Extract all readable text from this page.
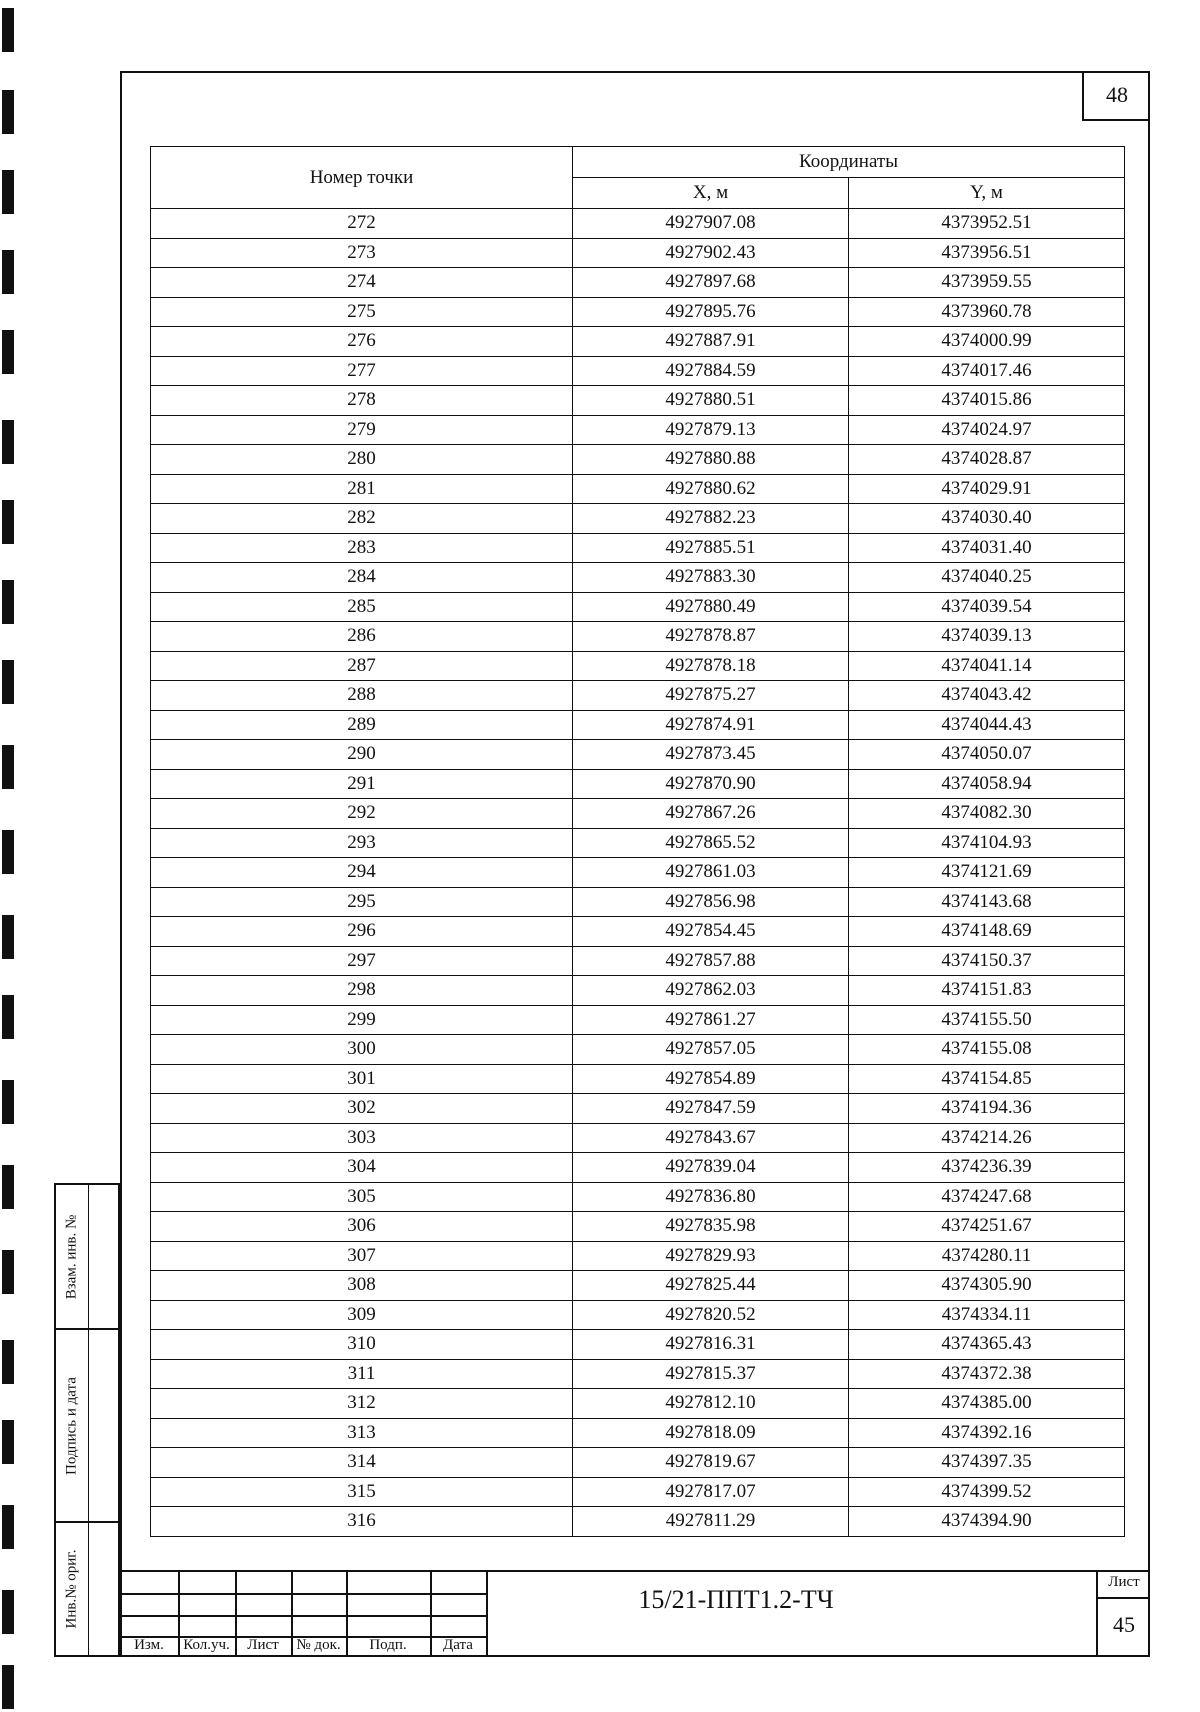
48
Номер точки	Координаты	
	X, м	Y, м
272	4927907.08	4373952.51
273	4927902.43	4373956.51
274	4927897.68	4373959.55
275	4927895.76	4373960.78
276	4927887.91	4374000.99
277	4927884.59	4374017.46
278	4927880.51	4374015.86
279	4927879.13	4374024.97
280	4927880.88	4374028.87
281	4927880.62	4374029.91
282	4927882.23	4374030.40
283	4927885.51	4374031.40
284	4927883.30	4374040.25
285	4927880.49	4374039.54
286	4927878.87	4374039.13
287	4927878.18	4374041.14
288	4927875.27	4374043.42
289	4927874.91	4374044.43
290	4927873.45	4374050.07
291	4927870.90	4374058.94
292	4927867.26	4374082.30
293	4927865.52	4374104.93
294	4927861.03	4374121.69
295	4927856.98	4374143.68
296	4927854.45	4374148.69
297	4927857.88	4374150.37
298	4927862.03	4374151.83
299	4927861.27	4374155.50
300	4927857.05	4374155.08
301	4927854.89	4374154.85
302	4927847.59	4374194.36
303	4927843.67	4374214.26
304	4927839.04	4374236.39
305	4927836.80	4374247.68
306	4927835.98	4374251.67
307	4927829.93	4374280.11
308	4927825.44	4374305.90
309	4927820.52	4374334.11
310	4927816.31	4374365.43
311	4927815.37	4374372.38
312	4927812.10	4374385.00
313	4927818.09	4374392.16
314	4927819.67	4374397.35
315	4927817.07	4374399.52
316	4927811.29	4374394.90
Взам. инв. №
Подпись и дата
Инв.№ ориг.
Изм.	Кол.уч.	Лист	№ док.	Подп.	Дата
15/21-ППТ1.2-ТЧ
Лист
45
